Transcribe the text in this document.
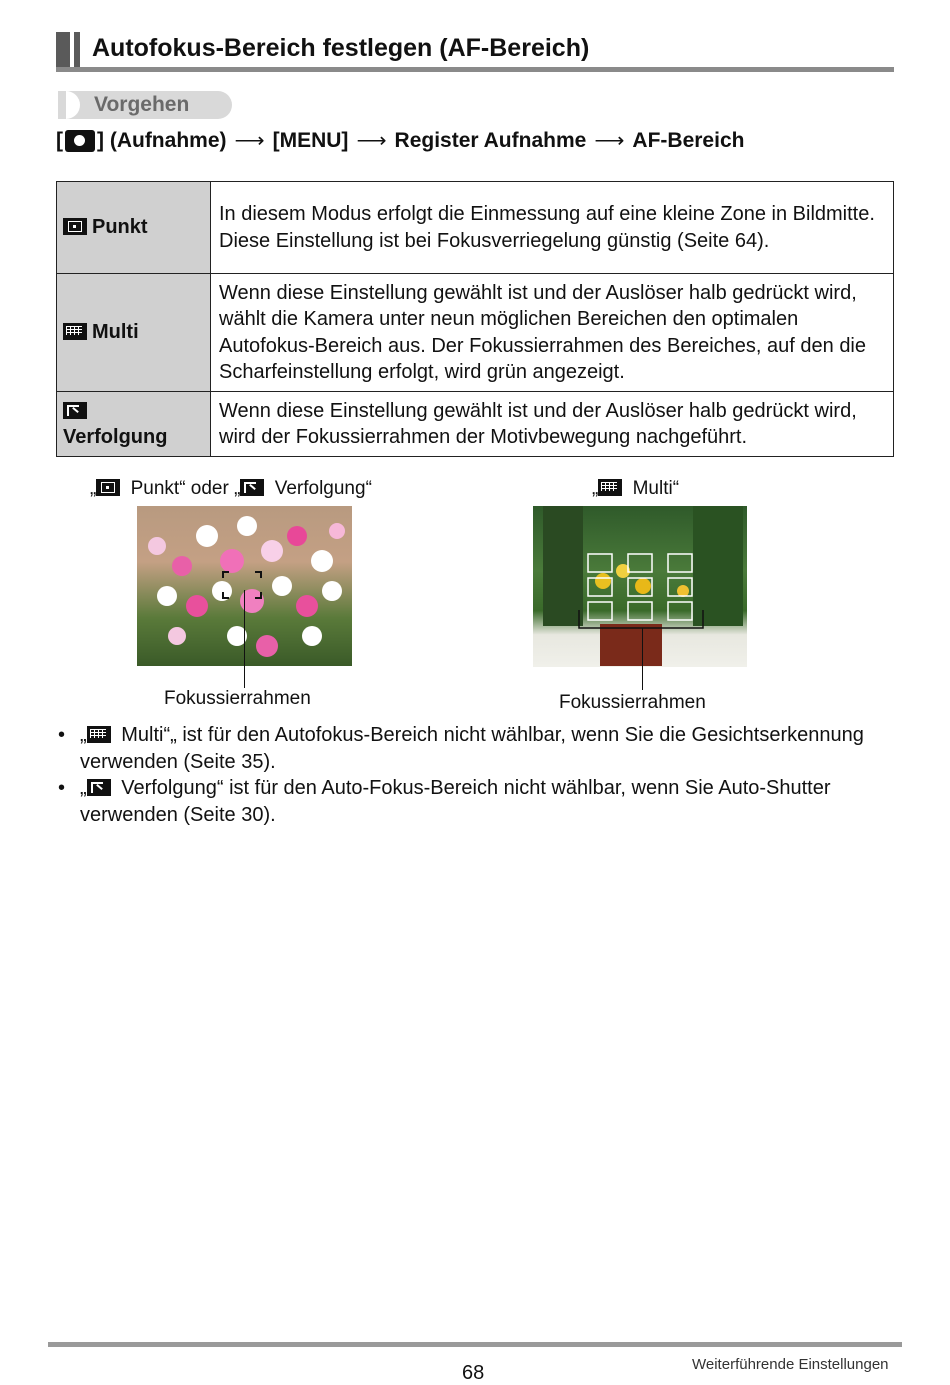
Autofokus-Bereich festlegen (AF-Bereich)
Vorgehen
[ ] (Aufnahme) ⟶ [MENU] ⟶ Register Aufnahme ⟶ AF-Bereich
Punkt	In diesem Modus erfolgt die Einmessung auf eine kleine Zone in Bildmitte. Diese Einstellung ist bei Fokusverriegelung günstig (Seite 64).
Multi	Wenn diese Einstellung gewählt ist und der Auslöser halb gedrückt wird, wählt die Kamera unter neun möglichen Bereichen den optimalen Autofokus-Bereich aus. Der Fokussierrahmen des Bereiches, auf den die Scharfeinstellung erfolgt, wird grün angezeigt.

Verfolgung	Wenn diese Einstellung gewählt ist und der Auslöser halb gedrückt wird, wird der Fokussierrahmen der Motivbewegung nachgeführt.
„ Punkt“ oder „ Verfolgung“	„ Multi“
Fokussierrahmen	Fokussierrahmen
• „ Multi“„ ist für den Autofokus-Bereich nicht wählbar, wenn Sie die Gesichtserkennung verwenden (Seite 35).
• „ Verfolgung“ ist für den Auto-Fokus-Bereich nicht wählbar, wenn Sie Auto-Shutter verwenden (Seite 30).
68	Weiterführende Einstellungen
